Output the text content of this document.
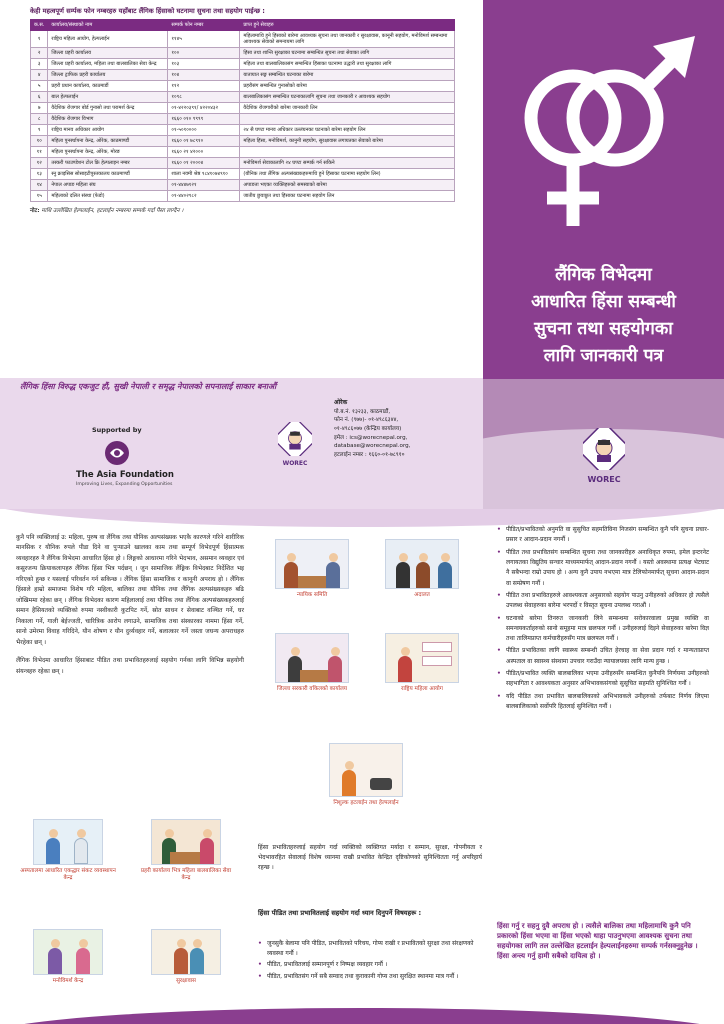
केही महत्वपूर्ण सर्म्पक फोन नम्बरहरु यहाँबाट लैंगिक हिंसाको घटनामा सुचना तथा सहयोग पाईन्छ :
क.स.	कार्यालय/संस्थाको नाम	सम्पर्क फोन नम्बर	प्राप्त हुने सेवाहरु
१	राष्ट्रिय महिला आयोग, हेल्पलाईन	११४५	महिलामाथि हुने हिंसाको बारेमा आवश्यक सूचना तथा जानकारी र सुरक्षावास, कानूनी सहयोग, मनोविमर्श सम्बन्धमा आवश्यक सेवाको समन्वयमा लागि
२	जिल्ला प्रहरी कार्यालय	१००	हिंसा तथा शान्ति सुरक्षाका घटनामा सम्बन्धित सूचना तथा सेवाका लागि
३	जिल्ला प्रहरी कार्यालय, महिला तथा बालबालिका सेवा केन्द्र	१०३	महिला तथा बालबालिकासंग सम्बन्धित हिंसाका घटनामा उद्धारी तथा सुरक्षाका लागि
४	जिल्ला ट्राफिक प्रहरी कार्यालय	१०४	यातायात सङ्ग सम्बन्धित घटनाका बारेमा
५	प्रहरी प्रधान कार्यालय, काठमाडौं	११२	प्रहरीसंग सम्बन्धित गुनासोको बारेमा
६	बाल हेल्पलाईन	१०९८	बालबालिकासंग सम्बन्धित घटनाकालागि सूचना तथा जानकारी र आवश्यक सहयोग
७	वैदेशिक रोजगार बोर्ड गुनासो तथा परामर्श केन्द्र	०१-४२२०३९१/ ४२२०४३२	वैदेशिक रोजगारीको बारेमा जानकारी लिन
८	वैदेशिक रोजगार विभाग	१६६० ०१० ९९९९	
९	राष्ट्रिय मानव अधिकार आयोग	०१-५०१००००	२४ सै घण्टा मानव अधिकार उल्लंघनका घटनाको बारेमा सहयोग लिन
१०	महिला पुनर्स्थापना केन्द्र, ओरेक, काठमाण्डौं	१६६० ०१ ७८९१०	महिला हिंसा, मनोविमर्श, कानुनी सहयोग, सुरक्षावास लगायतका सेवाको बारेमा
११	महिला पुनर्स्थापना केन्द्र, ओरेक, मोरङ	१६६० २१ ४२०००	
१२	तस्करी फाउण्डेशन टोल फ्रि हेल्पलाइन नम्बर	१६६० ०१ २०००४	मनोविमर्श सेवाकालागि २४ घण्टा सम्पर्क गर्न सकिने
१३	स्नु क्राइसिस सोसाइटीपुस्तकालय काठमाण्डौं	शाला नवमी श्रेष्ठ ९८४१०७४९१०	(यौनिक तथा लैंगिक अल्पसंख्यकहरुमाथि हुने हिंसाका घटनामा सहयोग लिन)
१४	नेपाल अपाङ महिला संघ	०१-४४४७१२१	अपाङता भएका व्यक्तिहरुको समस्याको बारेमा
१५	महिलाको दलित संस्था (फेडो)	०१-४४०२९८२	जातीय छुवाछुत तथा हिंसाका घटनामा सहयोग लिन
नोट: माथि उल्लेखित हेल्पलाईन, हटलाईन नम्बरमा सम्पर्क गर्दा पैसा लाग्दैन ।
लैंगिक विभेदमा
आधारित हिंसा सम्बन्धी
सुचना तथा सहयोगका
लागि जानकारी पत्र
WOREC
लैंगिक हिंसा विरुद्ध एकजुट हौं, सुखी नेपाली र समृद्ध नेपालको सपनालाई साकार बनाऔं
Supported by
The Asia Foundation
Improving Lives, Expanding Opportunities
WOREC
ओरेक
पो.ब.नं. १३२३३, काठमाडौं,
फोन नं. (९७७)- ०१-४९८६३४४,
०१-४९८६०७७ (केन्द्रिय कार्यालय)
इमेल : ics@worecnepal.org,
database@worecnepal.org,
हटलाईन नम्बर : १६६०-०१-७८९१०

कुनै पनि व्यक्तिलाई उ: महिला, पुरुष वा लैंगिक तथा यौनिक अल्पसंख्यक भएकै कारणले गरिने शारीरिक मानसिक र यौनिक रुपले पीडा दिने वा पुऱ्याउने खालका काम तथा सम्पूर्ण विभेदपूर्ण हिंसात्मक व्यवहारहरु नै लैंगिक विभेदमा आधारित हिंसा हो । लिङ्गको आधारमा गरिने भेदभाव, असमान व्यवहार एवं कसुरजन्य क्रियाकलापहरु लैंगिक हिंसा भित्र पर्दछन् । जुन सामाजिक लैंङ्गिक विभेदबाट निर्देशित भइ गरिएको हुन्छ र यसलाई परिवर्तन गर्न सकिन्छ । लैंगिक हिंसा सामाजिक र कानूनी अपराध हो । लैंगिक हिंसाले हाम्रो समाजमा विशेष गरि महिला, बालिका तथा यौनिक तथा लैंगिक अल्पसंख्यकहरु बढि जोखिममा रहेका छन् । लैंगिक विभेदका कारण महिलालाई तथा यौनिक तथा लैंगिक अल्पसंख्यकहरुलाई समान हैसियतको व्यक्तिको रुपमा नस्वीकारी कुटपिट गर्ने, स्रोत साधन र सेवाबाट वञ्चित गर्ने, घर निकाला गर्ने, गाली बेईज्जती, चारित्रिक आरोप लगाउने, सामाजिक तथा संस्कारका नाममा हिंसा गर्ने, सानो उमेरमा विवाह गरिदिने, यौन शोषण र यौन दुर्व्यवहार गर्ने, बलात्कार गर्ने जस्ता जघन्य अपराधहरु भैरहेका छन् ।

लैंगिक विभेदमा आधारित हिंसाबाट पीडित तथा प्रभावितहरुलाई सहयोग गर्नका लागि विभिन्न सहयोगी संयन्त्रहरु रहेका छन् ।

अस्पतालमा आधारित एकद्धार संकट व्यवस्थापन केन्द्र
प्रहरी कार्यालय भित्र महिला बालबालिका सेवा केन्द्र
मनोविमर्श केन्द्र	सुरक्षावास
न्यायिक समिति	अदालत
जिल्ला सरकारी वकिलको कार्यालय	राष्ट्रिय महिला आयोग
निशुल्क हटलाईन तथा हेल्पलाईन
हिंसा प्रभावितहरुलाई सहयोग गर्दा व्यक्तिको व्यक्तिगत मर्यादा र सम्मान, सुरक्षा, गोपनीयता र भेदभावरहित सेवालाई विशेष ध्यानमा राखी प्रभावित केन्द्रित दृष्टिकोणको सुनिश्चितता गर्नु अपरिहार्य रहन्छ ।
हिंसा पीडित तथा प्रभावितलाई सहयोग गर्दा ध्यान दिनुपर्ने विषयहरू :
• जुनसुकै बेलामा पनि पीडित, प्रभावितको परिचय, गोप्य राखी र प्रभावितको सुरक्षा तथा संरक्षणको व्यवस्था गर्नौ ।
• पीडित, प्रभावितलाई सम्मानपूर्ण र निष्पक्ष व्यवहार गर्नौ ।
• पीडित, प्रभावितसंग गर्ने सबै सम्वाद तथा कुराकानी गोप्य तथा सुरक्षित स्थानमा मात्र गर्नौ ।
• पीडित/प्रभावितको अनुमति वा सुसुचित सहमतिविना निजसंग सम्बन्धित कुनै पनि सुचना प्रचार-प्रसार र आदान-प्रदान नगर्नौ ।
• पीडित तथा प्रभावितसंग सम्बन्धित सूचना तथा जानकारीहरु अनाधिकृत रुपमा, इमेल इन्टरनेट लगायतका विद्युतिय सन्चार माध्यममार्फत् आदान-प्रदान नगर्नौ । यस्तो अवस्थामा प्रत्यक्ष भेटघाट नै सबैभन्दा राम्रो उपाय हो । अन्य कुनै उपाय नभएमा मात्र टेलिफोनमार्फत् सूचना आदान-प्रदान वा सम्प्रेषण गर्नौ ।
• पीडित तथा प्रभावितहरुले आवश्यकता अनुसारको सहयोग पाउनु उनीहरुको अधिकार हो त्यसैले उपलब्ध सेवाहरुका बारेमा भरपर्दो र विस्तृत सूचना उपलब्ध गराऔं ।
• घटनाको बारेमा तिनरुत जानकारी लिने सम्बन्धमा सरोकारवाला प्रमुख व्यक्ति वा समन्वयकर्ताहरुको सानो समूहमा मात्र छलफल गर्नौ । उनीहरुलाई दिइने सेवाहरुका बारेमा विज्ञ तथा तालिमप्राप्त कर्मचारीहरुसँग मात्र छलफल गर्नौ ।
• पीडित प्रभावितका लागि स्वास्थ्य सम्बन्धी उचित हेरचाह वा सेवा प्रदान गर्दा र मान्यताप्राप्त अस्पताल वा स्वास्थ्य संस्थामा उपचार गराउँदा न्यायालयका लागि मान्य हुन्छ ।
• पीडित/प्रभावित व्यक्ति बालबालिका भएमा उनीहरुसँग सम्बन्धित कुनैपनि निर्णयमा उनीहरुको सहभागिता र आवश्यकता अनुसार अभिभावकसंगको सुसूचित सहमति सुनिश्चित गर्नौ ।
• यदि पीडित तथा प्रभावित बालबालिकाको अभिभावकले उनीहरुको तर्फबाट निर्णय लिएमा बालबालिकाको सर्वोपरि हितलाई सुनिश्चित गर्नौ ।
हिंसा गर्नु र सहनु दुवै अपराध हो । त्यसैले बालिका तथा महिलामाथि कुनै पनि प्रकारको हिंसा भएमा वा हिंसा भएको थाहा पाउनुभएमा आवश्यक सुचना तथा सहयोगका लागि तल उल्लेखित हटलाईन हेल्पलाईनहरुमा सम्पर्क गर्नसक्नुहुनेछ । हिंसा अन्त्य गर्नु हामी सबैको दायित्व हो ।
